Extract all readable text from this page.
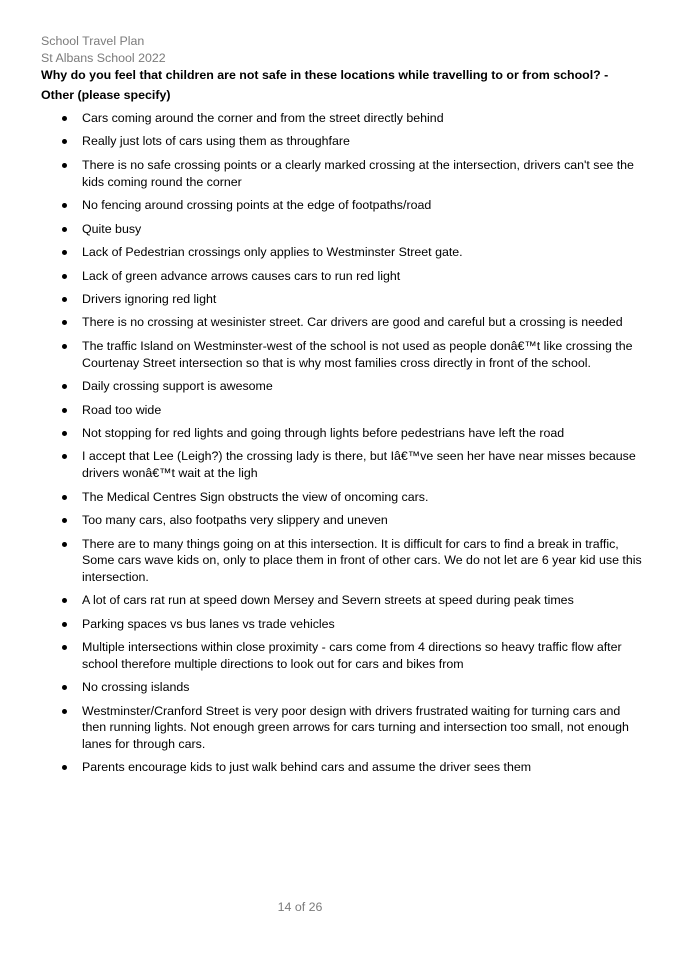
School Travel Plan
St Albans School 2022
Why do you feel that children are not safe in these locations while travelling to or from school? - Other (please specify)
Cars coming around the corner and from the street directly behind
Really just lots of cars using them as throughfare
There is no safe crossing points or a clearly marked crossing at the intersection, drivers can't see the kids coming round the corner
No fencing around crossing points at the edge of footpaths/road
Quite busy
Lack of Pedestrian crossings only applies to Westminster Street gate.
Lack of green advance arrows causes cars to run red light
Drivers ignoring red light
There is no crossing at wesinister street. Car drivers are good and careful but a crossing is needed
The traffic Island on Westminster-west of the school is not used as people donâ€™t like crossing the Courtenay Street intersection so that is why most families cross directly in front of the school.
Daily crossing support is awesome
Road too wide
Not stopping for red lights and going through lights before pedestrians have left the road
I accept that Lee (Leigh?) the crossing lady is there, but Iâ€™ve seen her have near misses because drivers wonâ€™t wait at the ligh
The Medical Centres Sign obstructs the view of oncoming cars.
Too many cars, also footpaths very slippery and uneven
There are to many things going on at this intersection. It is difficult for cars to find a break in traffic, Some cars wave kids on, only to place them in front of other cars. We do not let are 6 year kid use this intersection.
A lot of cars rat run at speed down Mersey and Severn streets at speed during peak times
Parking spaces vs bus lanes vs trade vehicles
Multiple intersections within close proximity - cars come from 4 directions so heavy traffic flow after school therefore multiple directions to look out for cars and bikes from
No crossing islands
Westminster/Cranford Street is very poor design with drivers frustrated waiting for turning cars and then running lights. Not enough green arrows for cars turning and intersection too small, not enough lanes for through cars.
Parents encourage kids to just walk behind cars and assume the driver sees them
14 of 26
